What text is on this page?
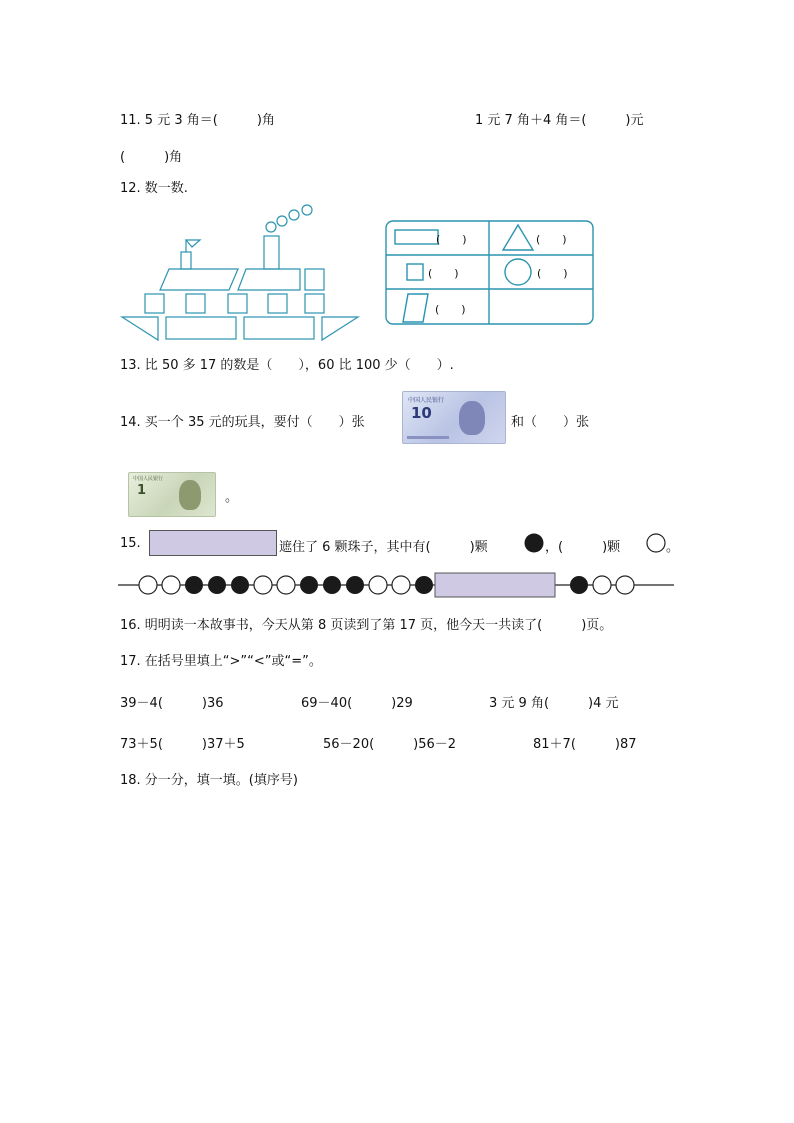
11. 5 元 3 角＝(　　　)角	1 元 7 角＋4 角＝(　　　)元
(　　　)角
12. 数一数.
(　　)	(　　)
(　　)	(　　)
(　　)
13. 比 50 多 17 的数是（　　），60 比 100 少（　　）.
14. 买一个 35 元的玩具，要付（　　）张
中国人民银行
10
和（　　）张
中国人民银行
1	。
15.	遮住了 6 颗珠子，其中有(　　　)颗	，(　　　)颗	。
16. 明明读一本故事书，今天从第 8 页读到了第 17 页，他今天一共读了(　　　)页。
17. 在括号里填上“>”“<”或“=”。
39－4(　　　)36	69－40(　　　)29	3 元 9 角(　　　)4 元
73＋5(　　　)37＋5	56－20(　　　)56－2	81＋7(　　　)87
18. 分一分，填一填。(填序号)
